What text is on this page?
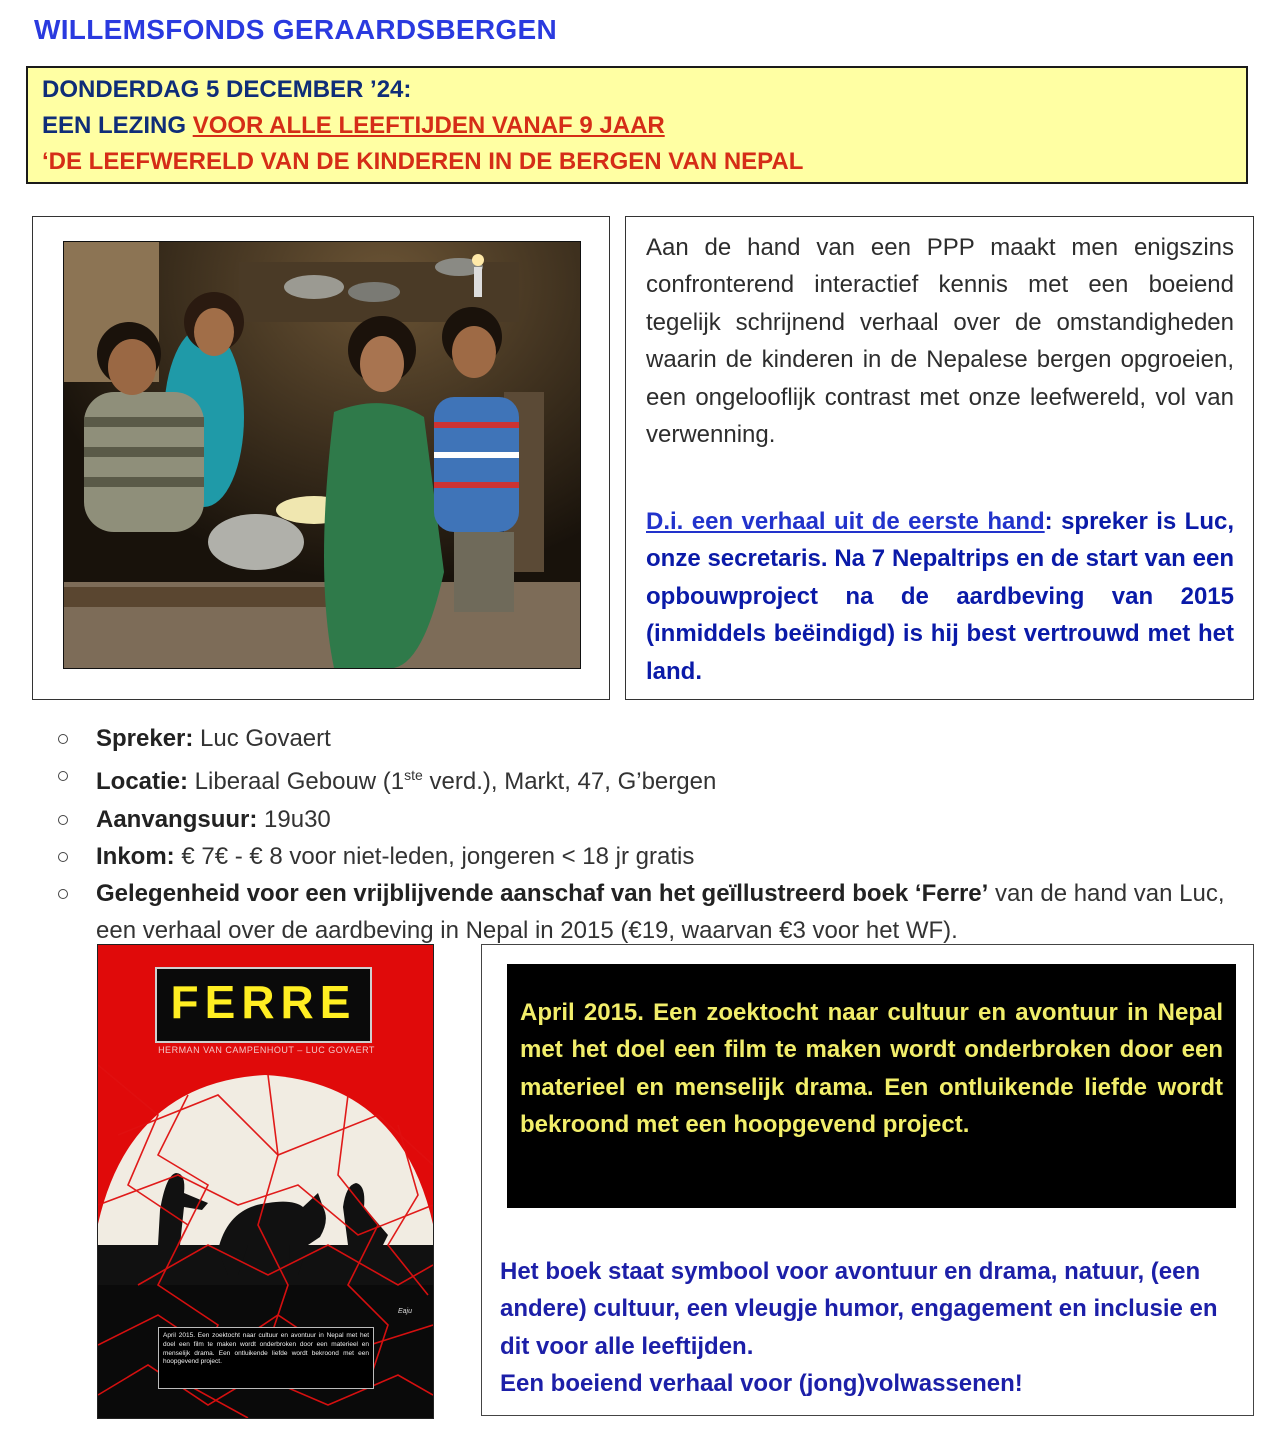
WILLEMSFONDS GERAARDSBERGEN
DONDERDAG 5 DECEMBER ’24:
EEN LEZING VOOR ALLE LEEFTIJDEN VANAF 9 JAAR
‘DE LEEFWERELD VAN DE KINDEREN IN DE BERGEN VAN NEPAL
Aan de hand van een PPP maakt men enigszins confronterend interactief kennis met een boeiend tegelijk schrijnend verhaal over de omstandigheden waarin de kinderen in de Nepalese bergen opgroeien, een ongelooflijk contrast met onze leefwereld, vol van verwenning.
D.i. een verhaal uit de eerste hand: spreker is Luc, onze secretaris. Na 7 Nepaltrips en de start van een opbouwproject na de aardbeving van 2015 (inmiddels beëindigd) is hij best vertrouwd met het land.
Spreker: Luc Govaert
Locatie: Liberaal Gebouw (1ste verd.), Markt, 47, G’bergen
Aanvangsuur: 19u30
Inkom: € 7€ - € 8 voor niet-leden, jongeren < 18 jr gratis
Gelegenheid voor een vrijblijvende aanschaf van het geïllustreerd boek ‘Ferre’ van de hand van Luc, een verhaal over de aardbeving in Nepal in 2015 (€19, waarvan €3 voor het WF).
FERRE
HERMAN VAN CAMPENHOUT – LUC GOVAERT
Eaju
April 2015. Een zoektocht naar cultuur en avontuur in Nepal met het doel een film te maken wordt onderbroken door een materieel en menselijk drama. Een ontluikende liefde wordt bekroond met een hoopgevend project.
April 2015. Een zoektocht naar cultuur en avontuur in Nepal met het doel een film te maken wordt onderbroken door een materieel en menselijk drama. Een ontluikende liefde wordt bekroond met een hoopgevend project.
Het boek staat symbool voor avontuur en drama, natuur, (een andere) cultuur, een vleugje humor, engagement en inclusie en dit voor alle leeftijden.
Een boeiend verhaal voor (jong)volwassenen!
